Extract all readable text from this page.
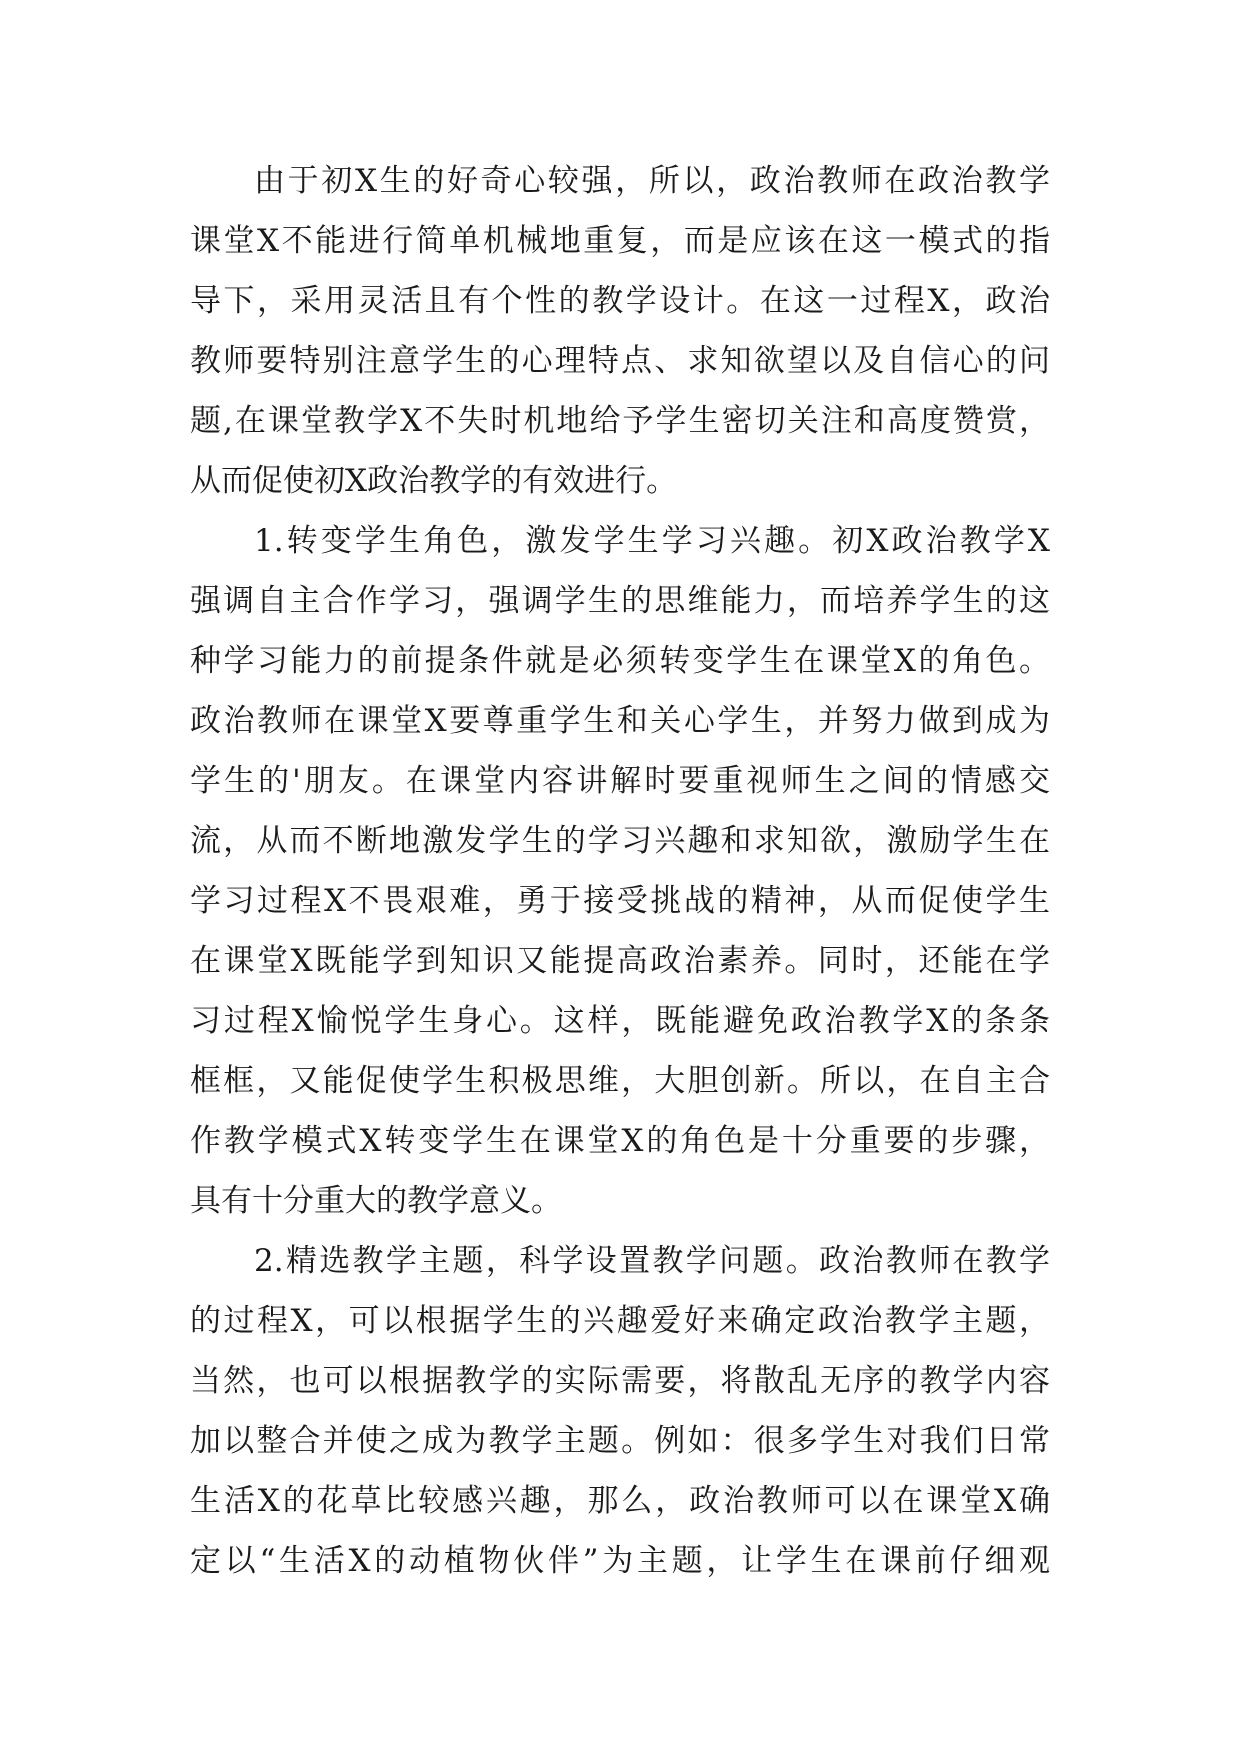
由于初X生的好奇心较强，所以，政治教师在政治教学
课堂X不能进行简单机械地重复，而是应该在这一模式的指
导下，采用灵活且有个性的教学设计。在这一过程X，政治
教师要特别注意学生的心理特点、求知欲望以及自信心的问
题,在课堂教学X不失时机地给予学生密切关注和高度赞赏，
从而促使初X政治教学的有效进行。
1.转变学生角色，激发学生学习兴趣。初X政治教学X
强调自主合作学习，强调学生的思维能力，而培养学生的这
种学习能力的前提条件就是必须转变学生在课堂X的角色。
政治教师在课堂X要尊重学生和关心学生，并努力做到成为
学生的'朋友。在课堂内容讲解时要重视师生之间的情感交
流，从而不断地激发学生的学习兴趣和求知欲，激励学生在
学习过程X不畏艰难，勇于接受挑战的精神，从而促使学生
在课堂X既能学到知识又能提高政治素养。同时，还能在学
习过程X愉悦学生身心。这样，既能避免政治教学X的条条
框框，又能促使学生积极思维，大胆创新。所以，在自主合
作教学模式X转变学生在课堂X的角色是十分重要的步骤，
具有十分重大的教学意义。
2.精选教学主题，科学设置教学问题。政治教师在教学
的过程X，可以根据学生的兴趣爱好来确定政治教学主题，
当然，也可以根据教学的实际需要，将散乱无序的教学内容
加以整合并使之成为教学主题。例如：很多学生对我们日常
生活X的花草比较感兴趣，那么，政治教师可以在课堂X确
定以“生活X的动植物伙伴”为主题，让学生在课前仔细观
